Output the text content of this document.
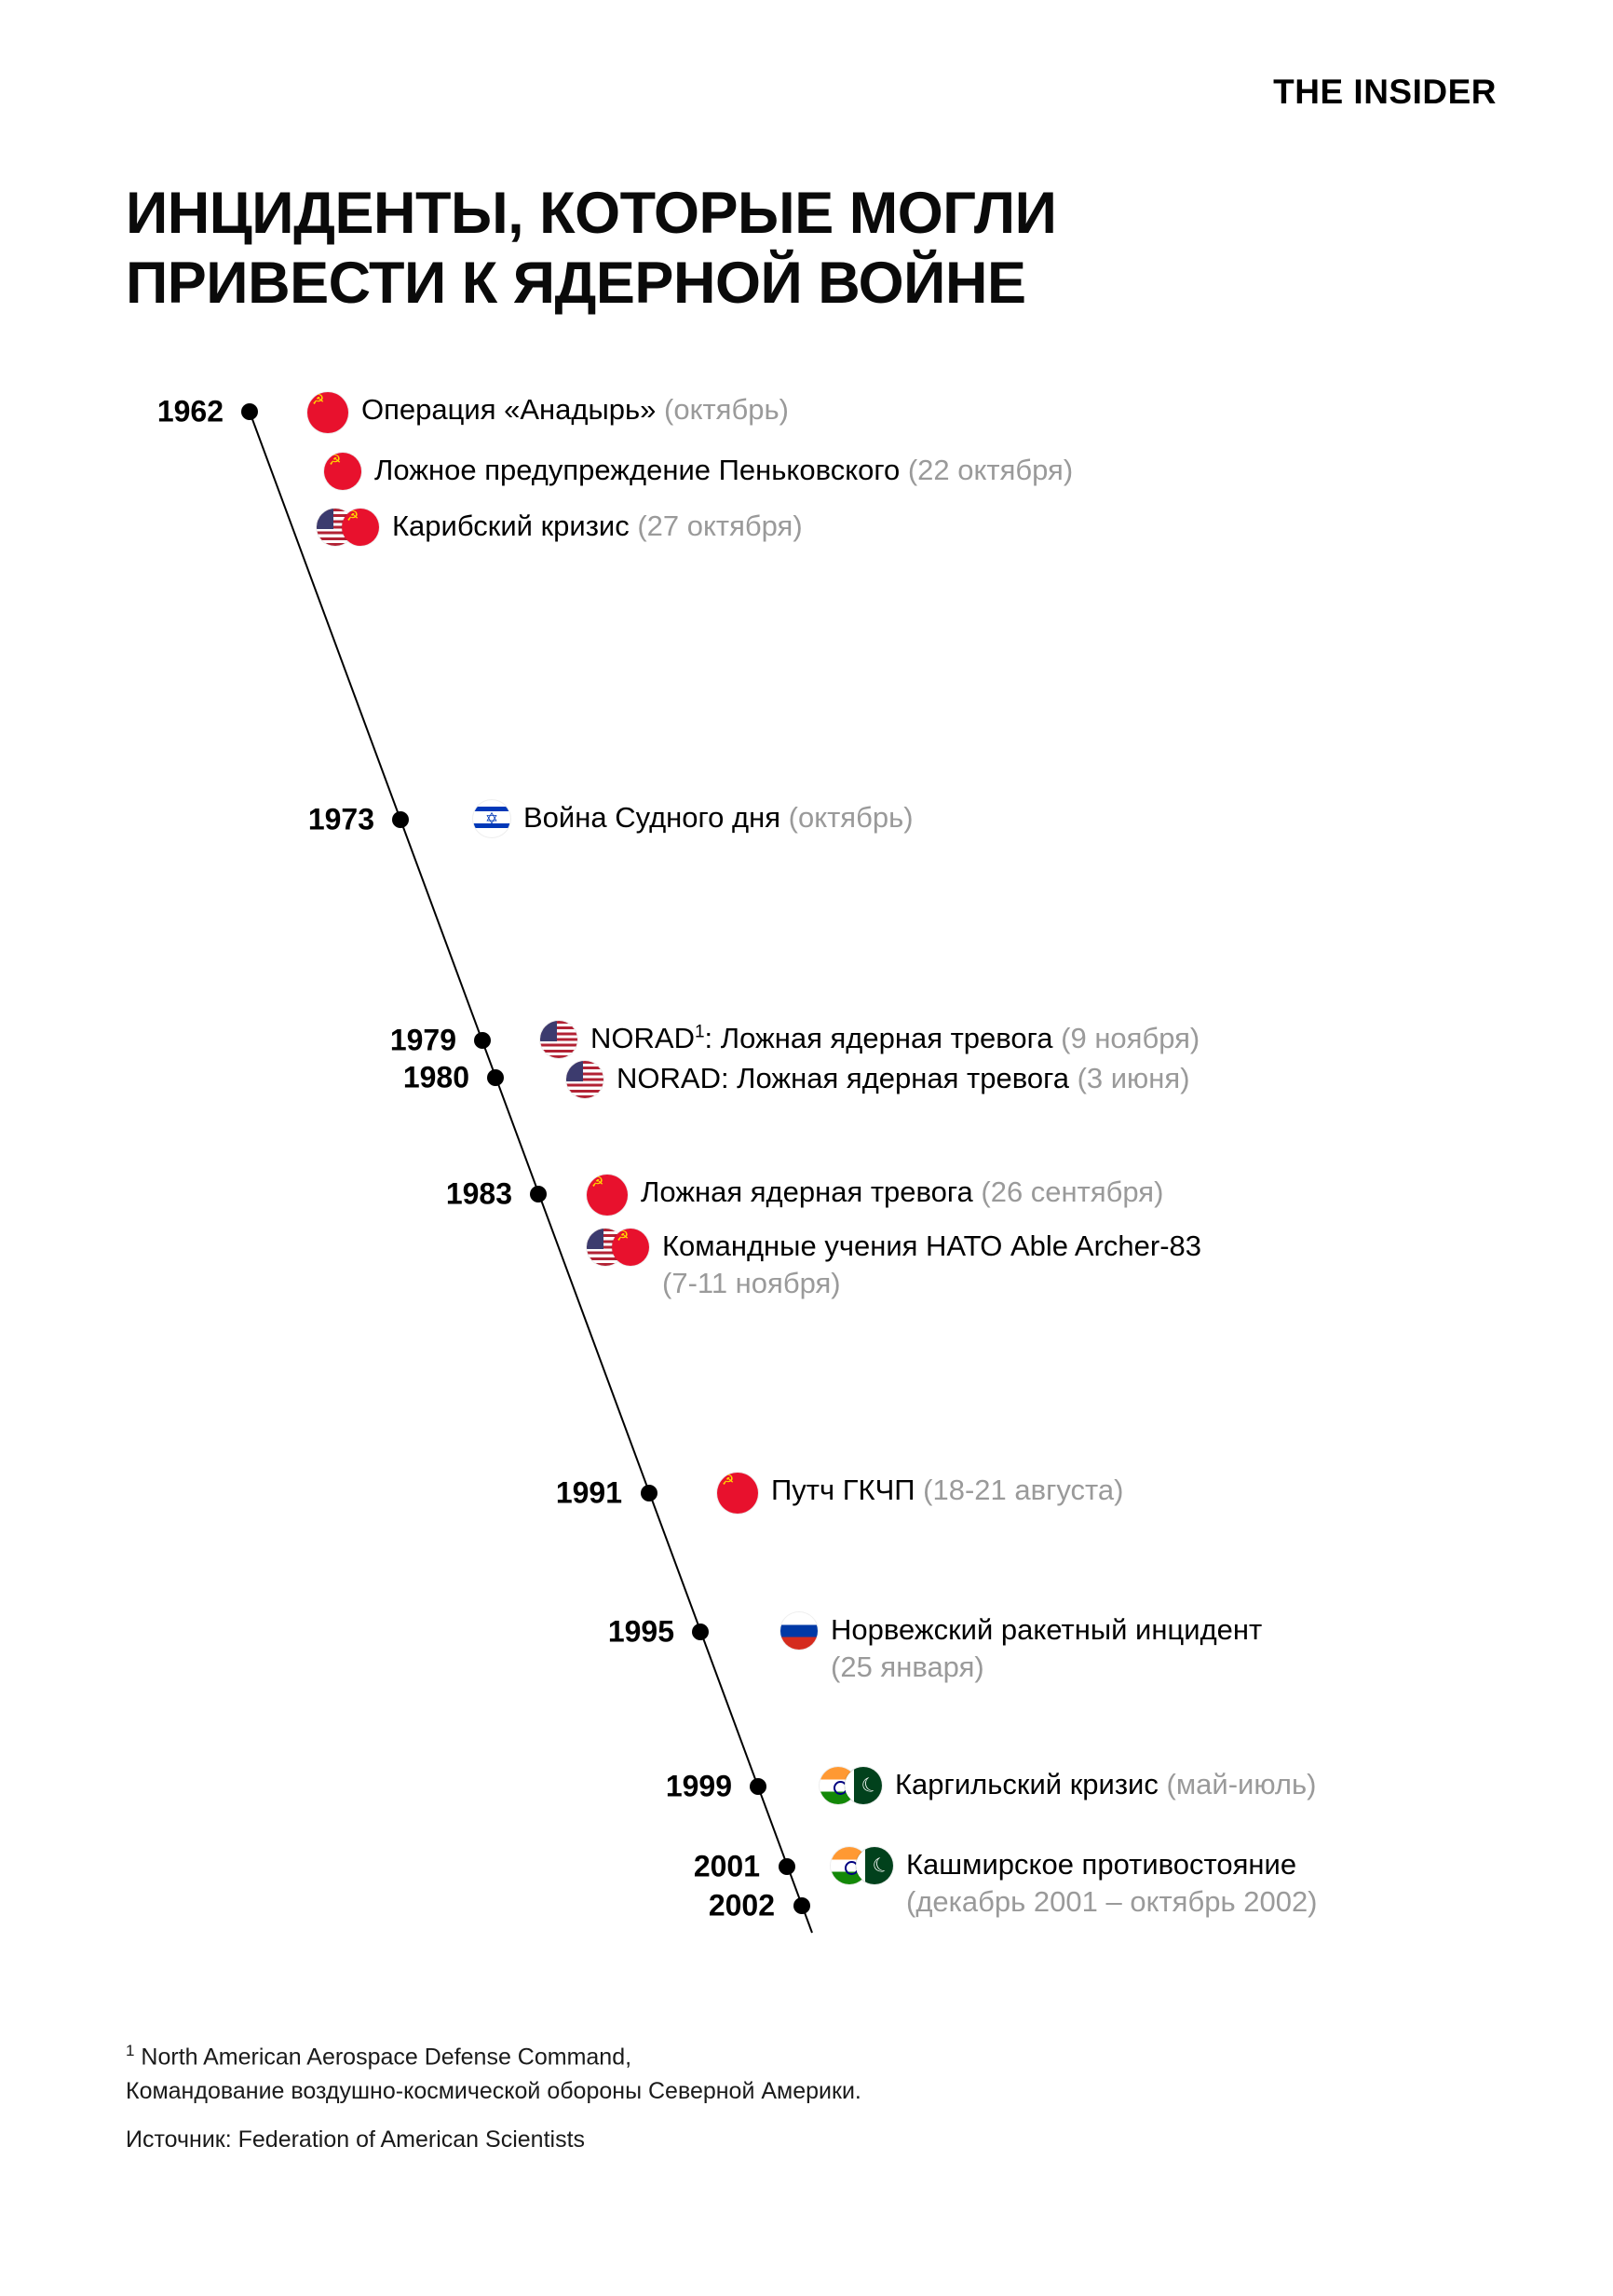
THE INSIDER
ИНЦИДЕНТЫ, КОТОРЫЕ МОГЛИ ПРИВЕСТИ К ЯДЕРНОЙ ВОЙНЕ
1962
1973
1979
1980
1983
1991
1995
1999
2001
2002
☭
Операция «Анадырь» (октябрь)
☭
Ложное предупреждение Пеньковского (22 октября)
☭
Карибский кризис (27 октября)
✡
Война Судного дня (октябрь)
NORAD$^1$: Ложная ядерная тревога (9 ноября)
NORAD: Ложная ядерная тревога (3 июня)
☭
Ложная ядерная тревога (26 сентября)
☭
Командные учения НАТО Able Archer-83
(7-11 ноября)
☭
Путч ГКЧП (18-21 августа)
Норвежский ракетный инцидент
(25 января)
☾
Каргильский кризис (май-июль)
☾
Кашмирское противостояние
(декабрь 2001 – октябрь 2002)
$^1$ North American Aerospace Defense Command,
Командование воздушно-космической обороны Северной Америки.
Источник: Federation of American Scientists
